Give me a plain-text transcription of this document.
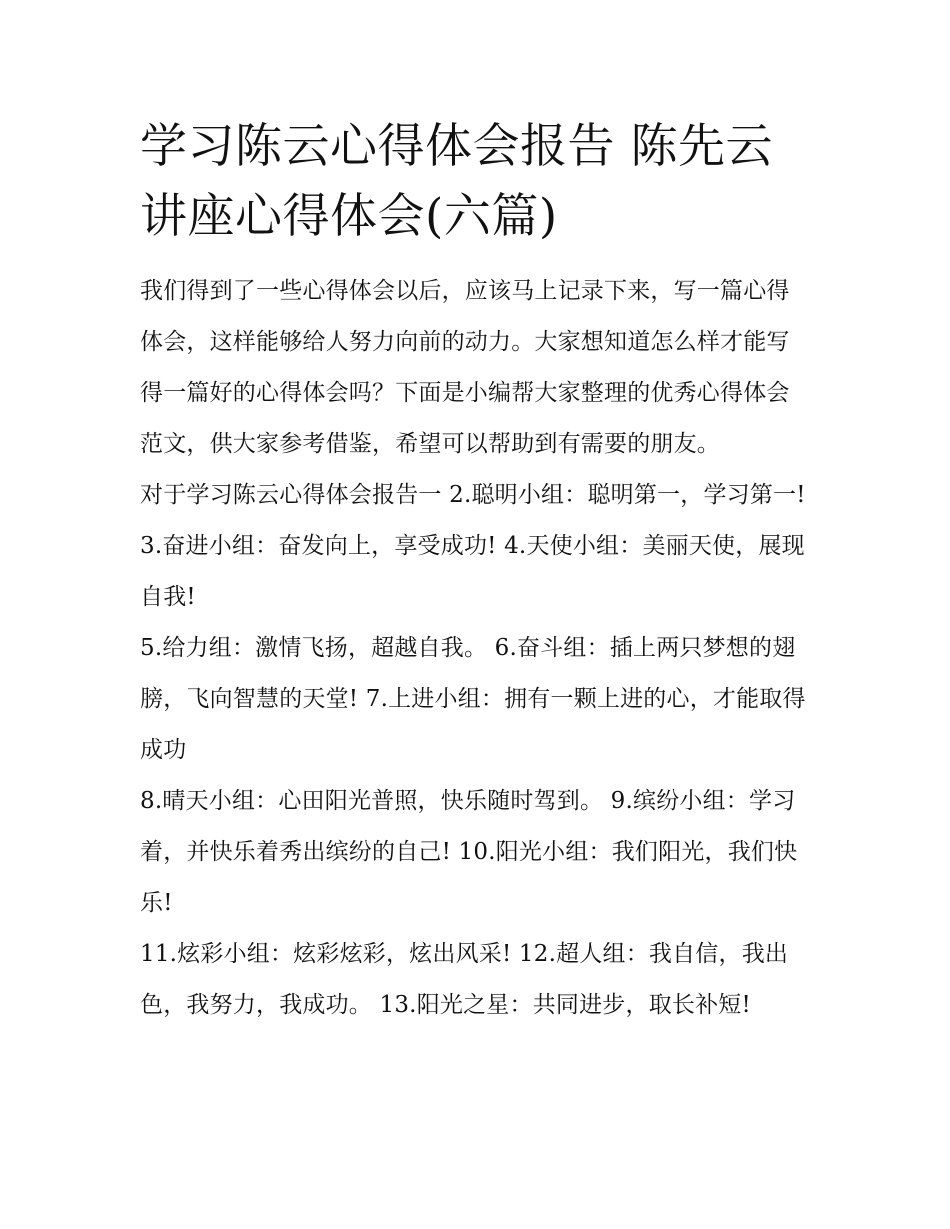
学习陈云心得体会报告 陈先云讲座心得体会(六篇)

我们得到了一些心得体会以后，应该马上记录下来，写一篇心得体会，这样能够给人努力向前的动力。大家想知道怎么样才能写得一篇好的心得体会吗？下面是小编帮大家整理的优秀心得体会范文，供大家参考借鉴，希望可以帮助到有需要的朋友。

对于学习陈云心得体会报告一 2.聪明小组：聪明第一，学习第一! 3.奋进小组：奋发向上，享受成功! 4.天使小组：美丽天使，展现自我!

5.给力组：激情飞扬，超越自我。 6.奋斗组：插上两只梦想的翅膀，飞向智慧的天堂! 7.上进小组：拥有一颗上进的心，才能取得成功

8.晴天小组：心田阳光普照，快乐随时驾到。 9.缤纷小组：学习着，并快乐着秀出缤纷的自己! 10.阳光小组：我们阳光，我们快乐!

11.炫彩小组：炫彩炫彩，炫出风采! 12.超人组：我自信，我出色，我努力，我成功。 13.阳光之星：共同进步，取长补短!
